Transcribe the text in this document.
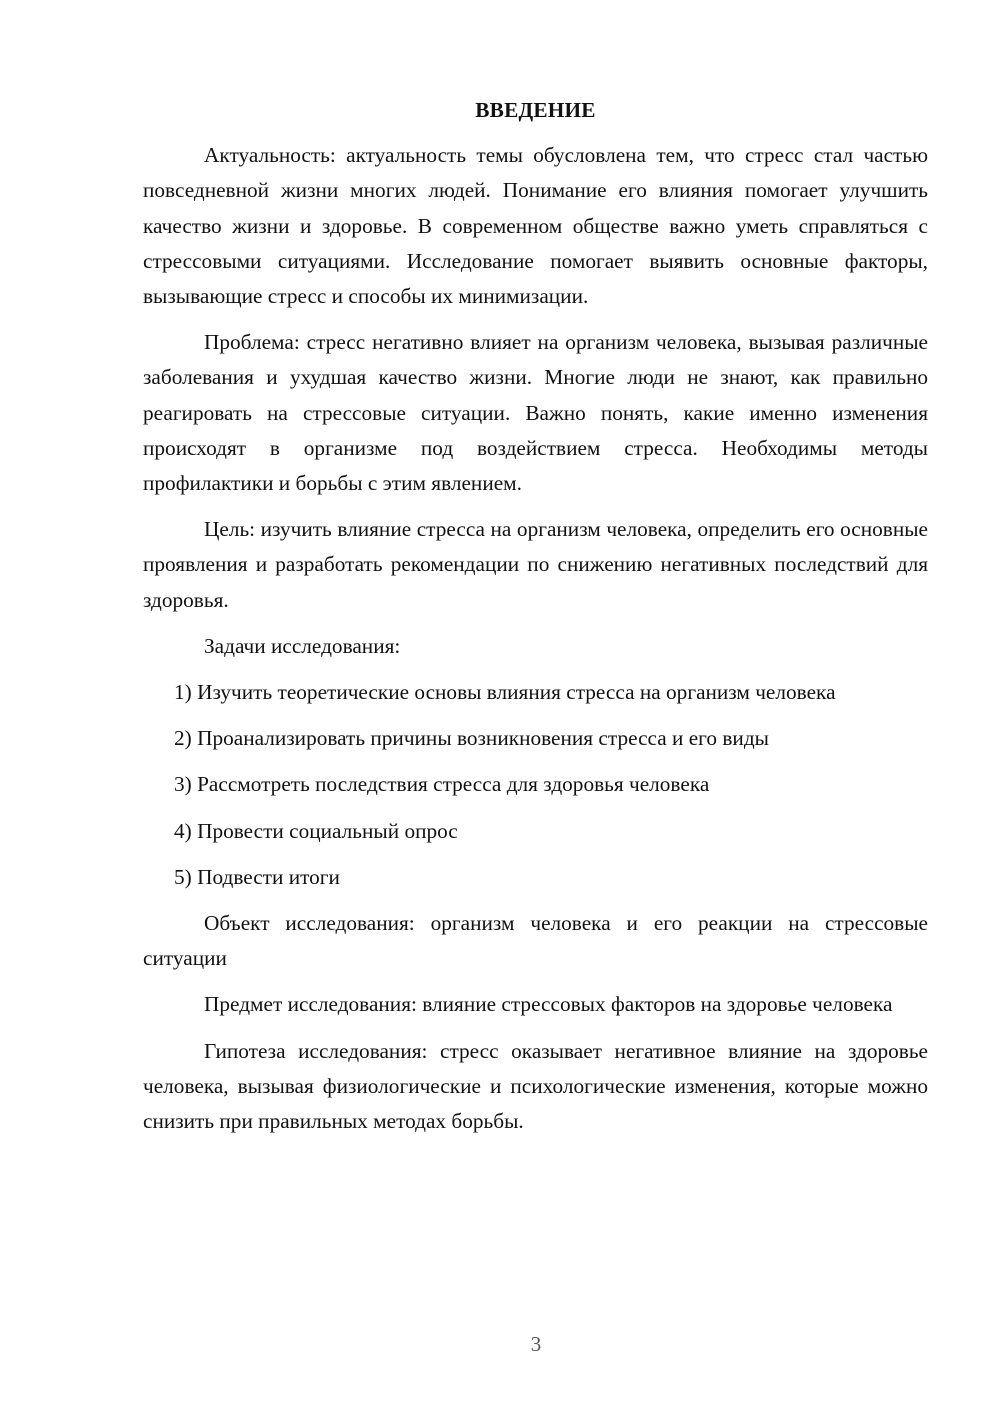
ВВЕДЕНИЕ

Актуальность: актуальность темы обусловлена тем, что стресс стал частью повседневной жизни многих людей. Понимание его влияния помогает улучшить качество жизни и здоровье. В современном обществе важно уметь справляться с стрессовыми ситуациями. Исследование помогает выявить основные факторы, вызывающие стресс и способы их минимизации.

Проблема: стресс негативно влияет на организм человека, вызывая различные заболевания и ухудшая качество жизни. Многие люди не знают, как правильно реагировать на стрессовые ситуации. Важно понять, какие именно изменения происходят в организме под воздействием стресса. Необходимы методы профилактики и борьбы с этим явлением.

Цель: изучить влияние стресса на организм человека, определить его основные проявления и разработать рекомендации по снижению негативных последствий для здоровья.

Задачи исследования:

1) Изучить теоретические основы влияния стресса на организм человека

2) Проанализировать причины возникновения стресса и его виды

3) Рассмотреть последствия стресса для здоровья человека

4) Провести социальный опрос

5) Подвести итоги

Объект исследования: организм человека и его реакции на стрессовые ситуации

Предмет исследования: влияние стрессовых факторов на здоровье человека

Гипотеза исследования: стресс оказывает негативное влияние на здоровье человека, вызывая физиологические и психологические изменения, которые можно снизить при правильных методах борьбы.

3
